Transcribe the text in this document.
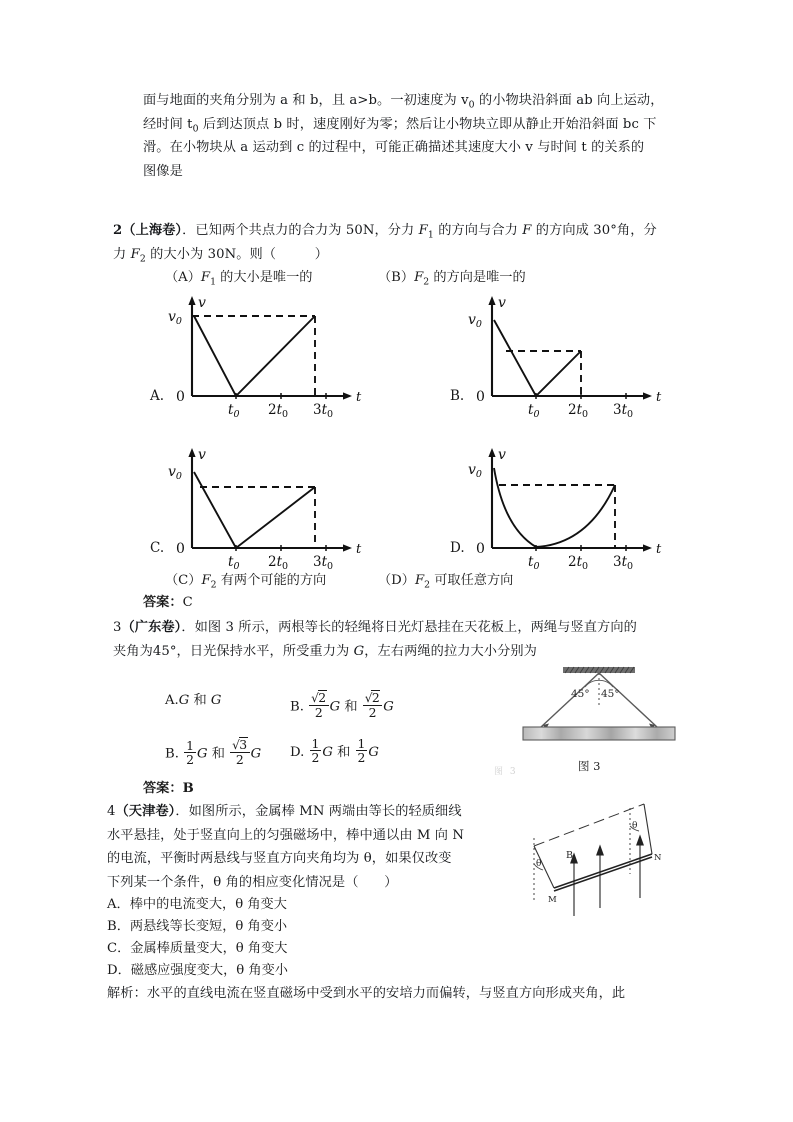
面与地面的夹角分别为 a 和 b，且 a>b。一初速度为 $v_0$ 的小物块沿斜面 ab 向上运动，
经时间 $t_0$ 后到达顶点 b 时，速度刚好为零；然后让小物块立即从静止开始沿斜面 bc 下
滑。在小物块从 a 运动到 c 的过程中，可能正确描述其速度大小 v 与时间 t 的关系的
图像是
2（上海卷）．已知两个共点力的合力为 50N，分力 $F_1$ 的方向与合力 F 的方向成 30°角，分
力 $F_2$ 的大小为 30N。则（         ）
$(A)F_1$ 的大小是唯一的	$(B)F_2$ 的方向是唯一的
v
$v_0$
0	t
$t_0$ $2t_0$ $3t_0$
A.
v
$v_0$
0	t
$t_0$ $2t_0$ $3t_0$
B.
v
$v_0$
0	t
$t_0$ $2t_0$ $3t_0$
C.
v
$v_0$
0	t
$t_0$ $2t_0$ $3t_0$
D.
$(C)F_2$ 有两个可能的方向	$(D)F_2$ 可取任意方向
答案：C
3（广东卷）．如图 3 所示，两根等长的轻绳将日光灯悬挂在天花板上，两绳与竖直方向的
夹角为45°，日光保持水平，所受重力为 G，左右两绳的拉力大小分别为
A.G 和 G	B. $\frac{√2}{2}$ G 和 $\frac{√2}{2}$ G
B. $\frac{1}{2}$ G 和 $\frac{√3}{2}$ G D. $\frac{1}{2}$ G 和 $\frac{1}{2}$ G
45° 45°
图 3	图 3
答案：B
4（天津卷）．如图所示，金属棒 MN 两端由等长的轻质细线
水平悬挂，处于竖直向上的匀强磁场中，棒中通以由 M 向 N
的电流，平衡时两悬线与竖直方向夹角均为 θ，如果仅改变
下列某一个条件，θ 角的相应变化情况是（      ）
A．棒中的电流变大，θ 角变大
B．两悬线等长变短，θ 角变小
C．金属棒质量变大，θ 角变大
D．磁感应强度变大，θ 角变小
解析：水平的直线电流在竖直磁场中受到水平的安培力而偏转，与竖直方向形成夹角，此
θ
θ
B
M
N
